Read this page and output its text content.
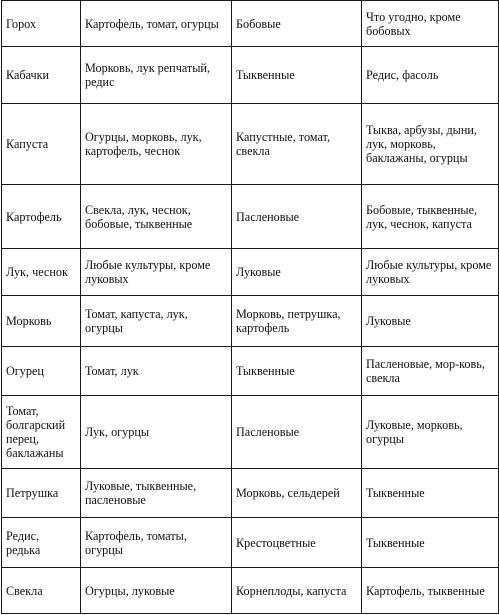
Горох	Картофель, томат, огурцы	Бобовые	Что угодно, кроме бобовых
Кабачки	Морковь, лук репчатый, редис	Тыквенные	Редис, фасоль
Капуста	Огурцы, морковь, лук, картофель, чеснок	Капустные, томат, свекла	Тыква, арбузы, дыни, лук, морковь, баклажаны, огурцы
Картофель	Свекла, лук, чеснок, бобовые, тыквенные	Пасленовые	Бобовые, тыквенные, лук, чеснок, капуста
Лук, чеснок	Любые культуры, кроме луковых	Луковые	Любые культуры, кроме луковых
Морковь	Томат, капуста, лук, огурцы	Морковь, петрушка, картофель	Луковые
Огурец	Томат, лук	Тыквенные	Пасленовые, мор-ковь, свекла
Томат, болгарский перец, баклажаны	Лук, огурцы	Пасленовые	Луковые, морковь, огурцы
Петрушка	Луковые, тыквенные, пасленовые	Морковь, сельдерей	Тыквенные
Редис, редька	Картофель, томаты, огурцы	Крестоцветные	Тыквенные
Свекла	Огурцы, луковые	Корнеплоды, капуста	Картофель, тыквенные
